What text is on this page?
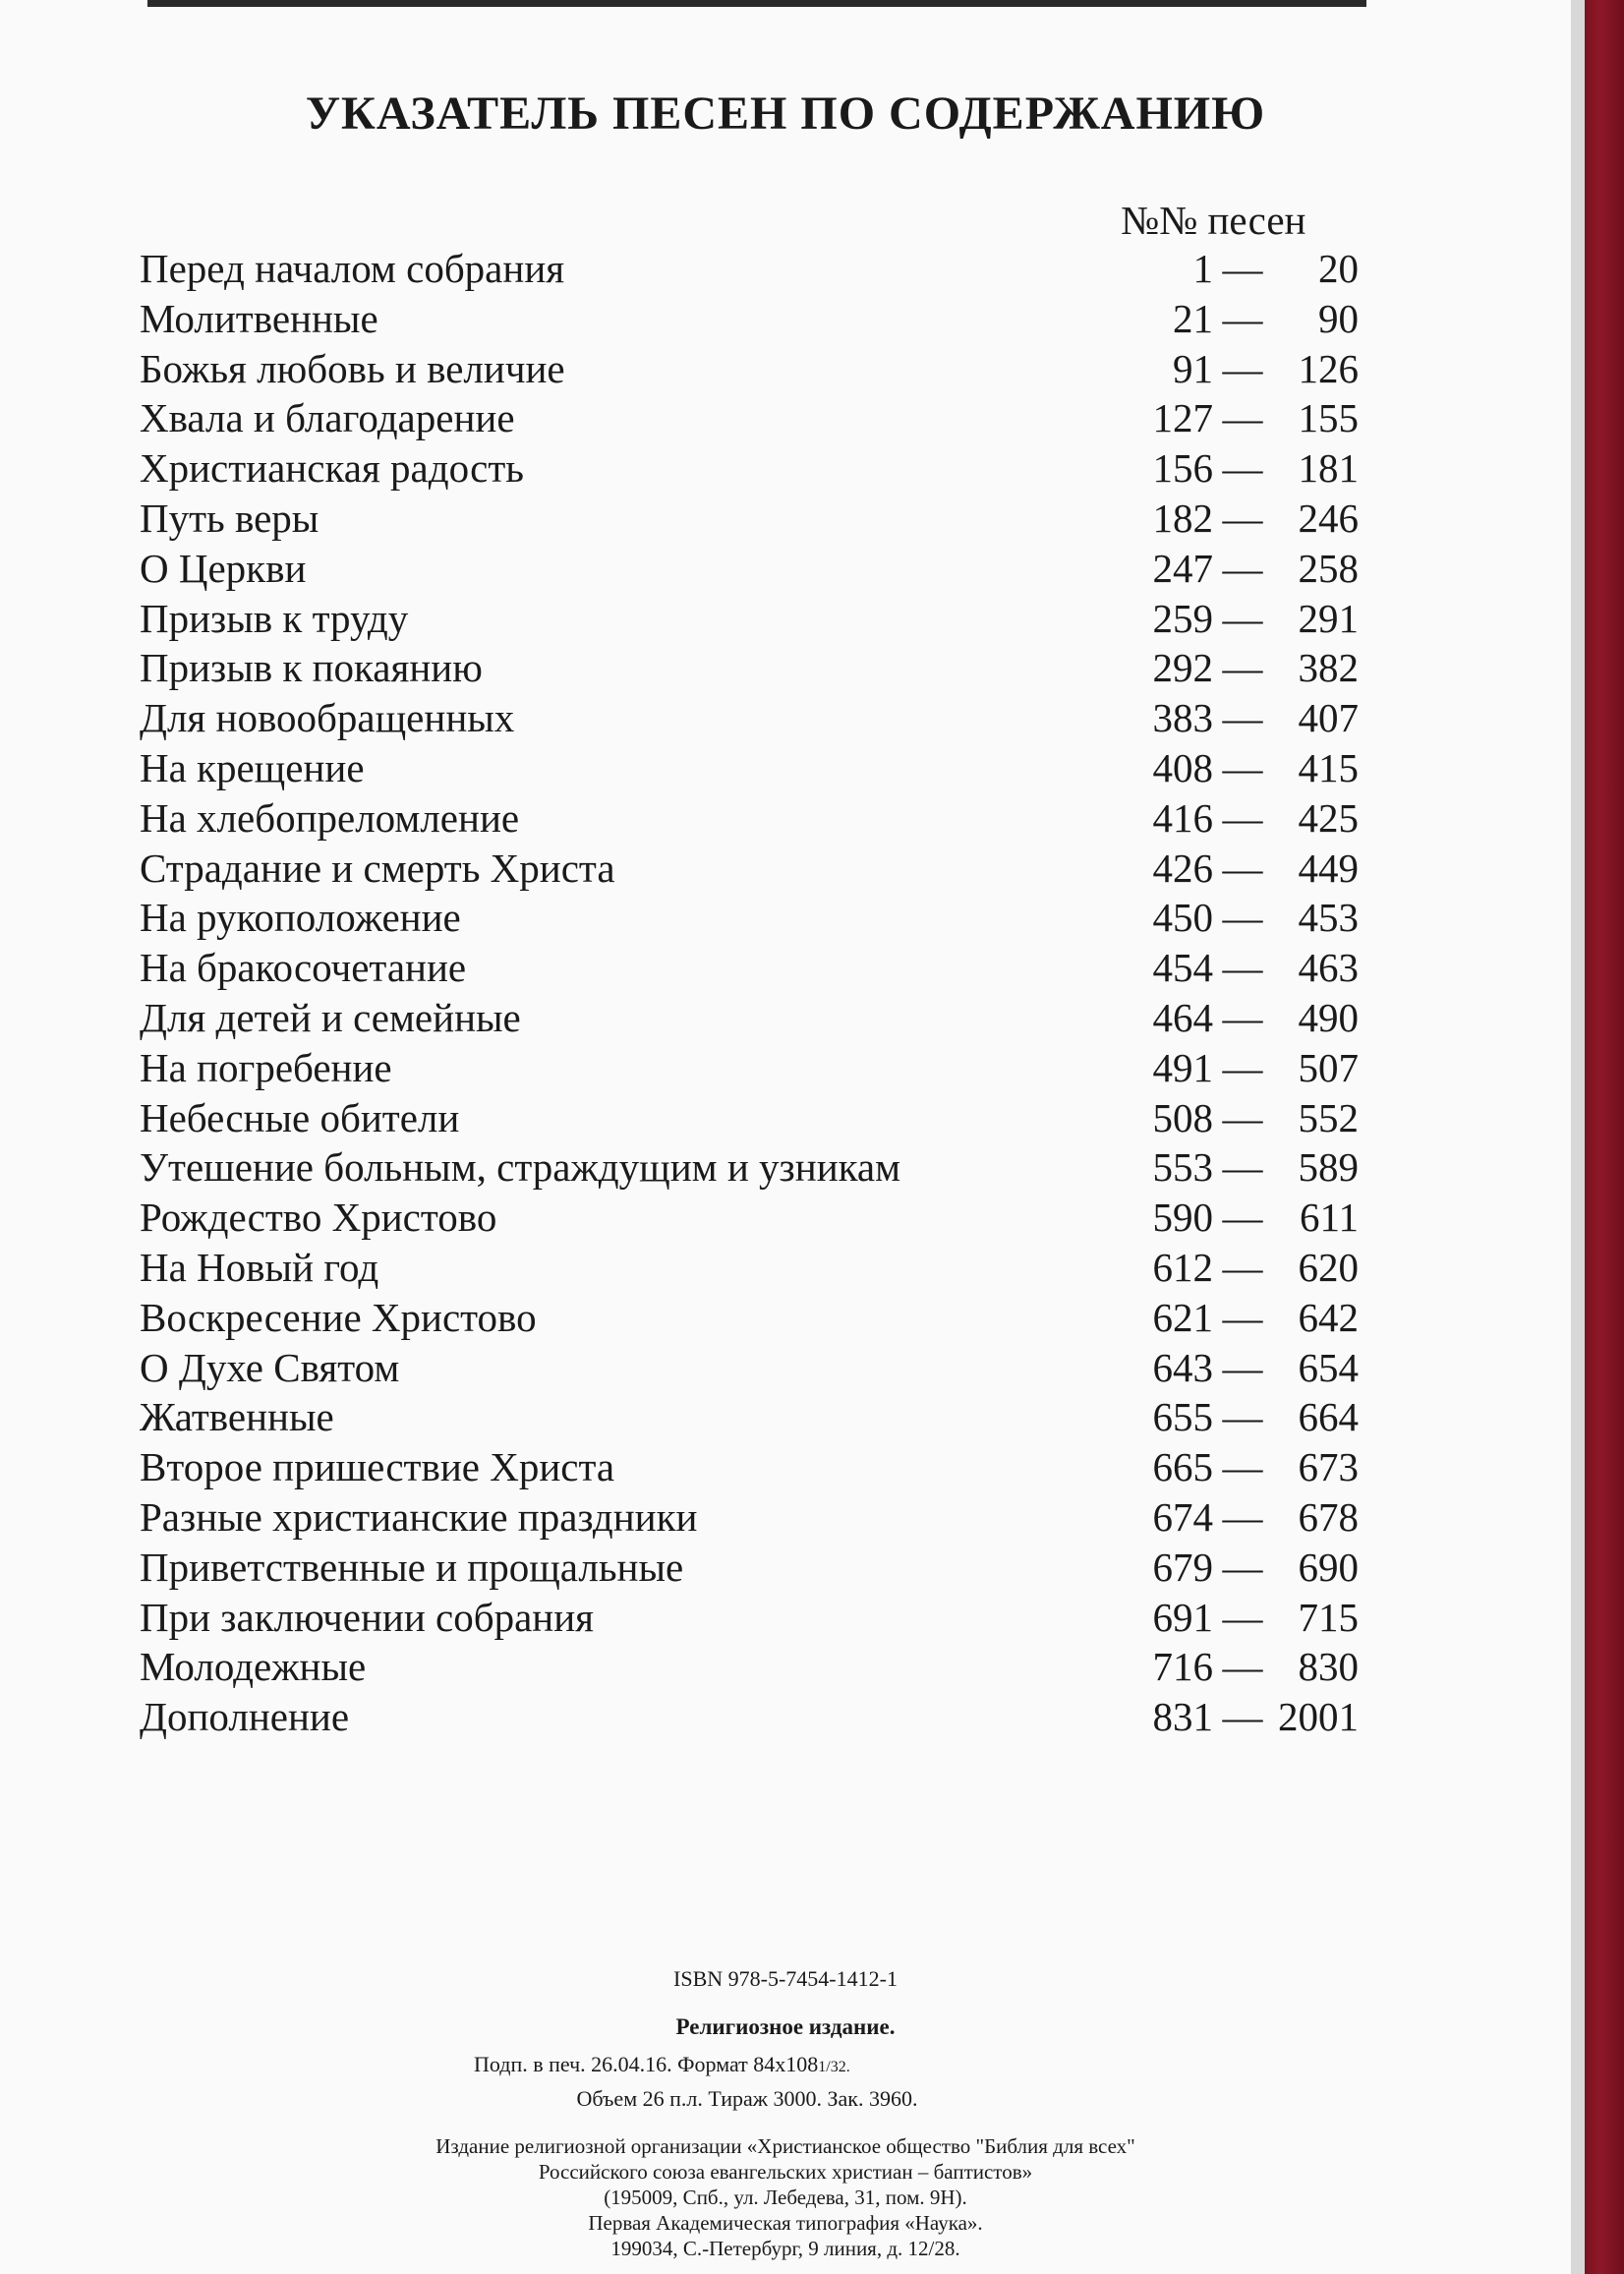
УКАЗАТЕЛЬ ПЕСЕН ПО СОДЕРЖАНИЮ
№№ песен
Перед началом собрания	1 —	20
Молитвенные	21 —	90
Божья любовь и величие	91 — 126
Хвала и благодарение	127 — 155
Христианская радость	156 — 181
Путь веры	182 — 246
О Церкви	247 — 258
Призыв к труду	259 — 291
Призыв к покаянию	292 — 382
Для новообращенных	383 — 407
На крещение	408 — 415
На хлебопреломление	416 — 425
Страдание и смерть Христа	426 — 449
На рукоположение	450 — 453
На бракосочетание	454 — 463
Для детей и семейные	464 — 490
На погребение	491 — 507
Небесные обители	508 — 552
Утешение больным, страждущим и узникам	553 — 589
Рождество Христово	590 — 611
На Новый год	612 — 620
Воскресение Христово	621 — 642
О Духе Святом	643 — 654
Жатвенные	655 — 664
Второе пришествие Христа	665 — 673
Разные христианские праздники	674 — 678
Приветственные и прощальные	679 — 690
При заключении собрания	691 — 715
Молодежные	716 — 830
Дополнение	831 — 2001
ISBN 978-5-7454-1412-1
Религиозное издание.
Подп. в печ. 26.04.16. Формат 84x1081/32.
Объем 26 п.л. Тираж 3000. Зак. 3960.
Издание религиозной организации «Христианское общество "Библия для всех"
Российского союза евангельских христиан – баптистов»
(195009, Спб., ул. Лебедева, 31, пом. 9Н).
Первая Академическая типография «Наука».
199034, С.-Петербург, 9 линия, д. 12/28.
